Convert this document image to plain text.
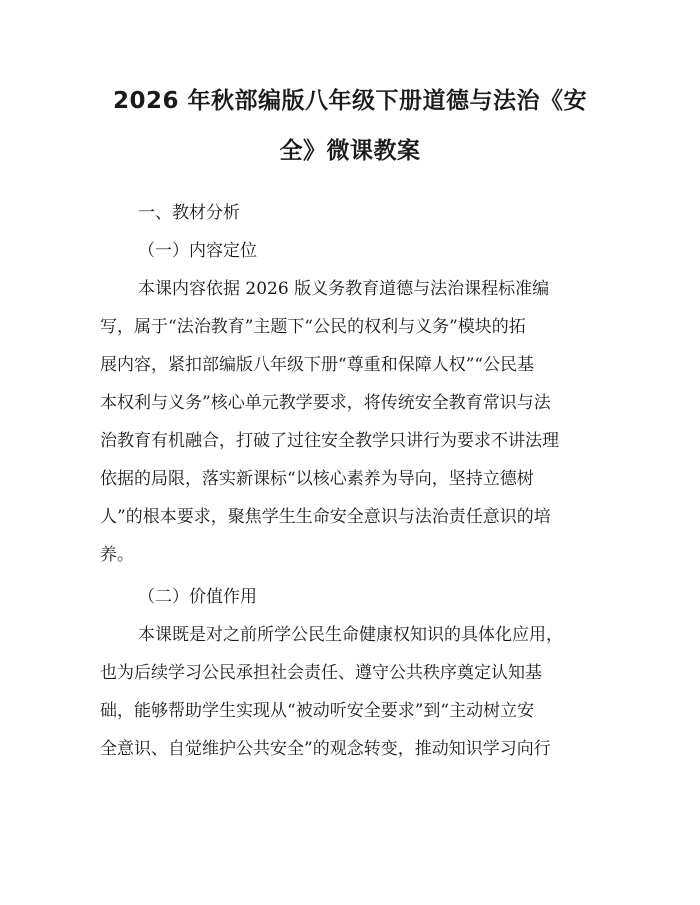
2026 年秋部编版八年级下册道德与法治《安
全》微课教案

一、教材分析

（一）内容定位

本课内容依据 2026 版义务教育道德与法治课程标准编
写，属于“法治教育”主题下“公民的权利与义务”模块的拓
展内容，紧扣部编版八年级下册“尊重和保障人权”“公民基
本权利与义务”核心单元教学要求，将传统安全教育常识与法
治教育有机融合，打破了过往安全教学只讲行为要求不讲法理
依据的局限，落实新课标“以核心素养为导向，坚持立德树
人”的根本要求，聚焦学生生命安全意识与法治责任意识的培
养。

（二）价值作用

本课既是对之前所学公民生命健康权知识的具体化应用，
也为后续学习公民承担社会责任、遵守公共秩序奠定认知基
础，能够帮助学生实现从“被动听安全要求”到“主动树立安
全意识、自觉维护公共安全”的观念转变，推动知识学习向行
